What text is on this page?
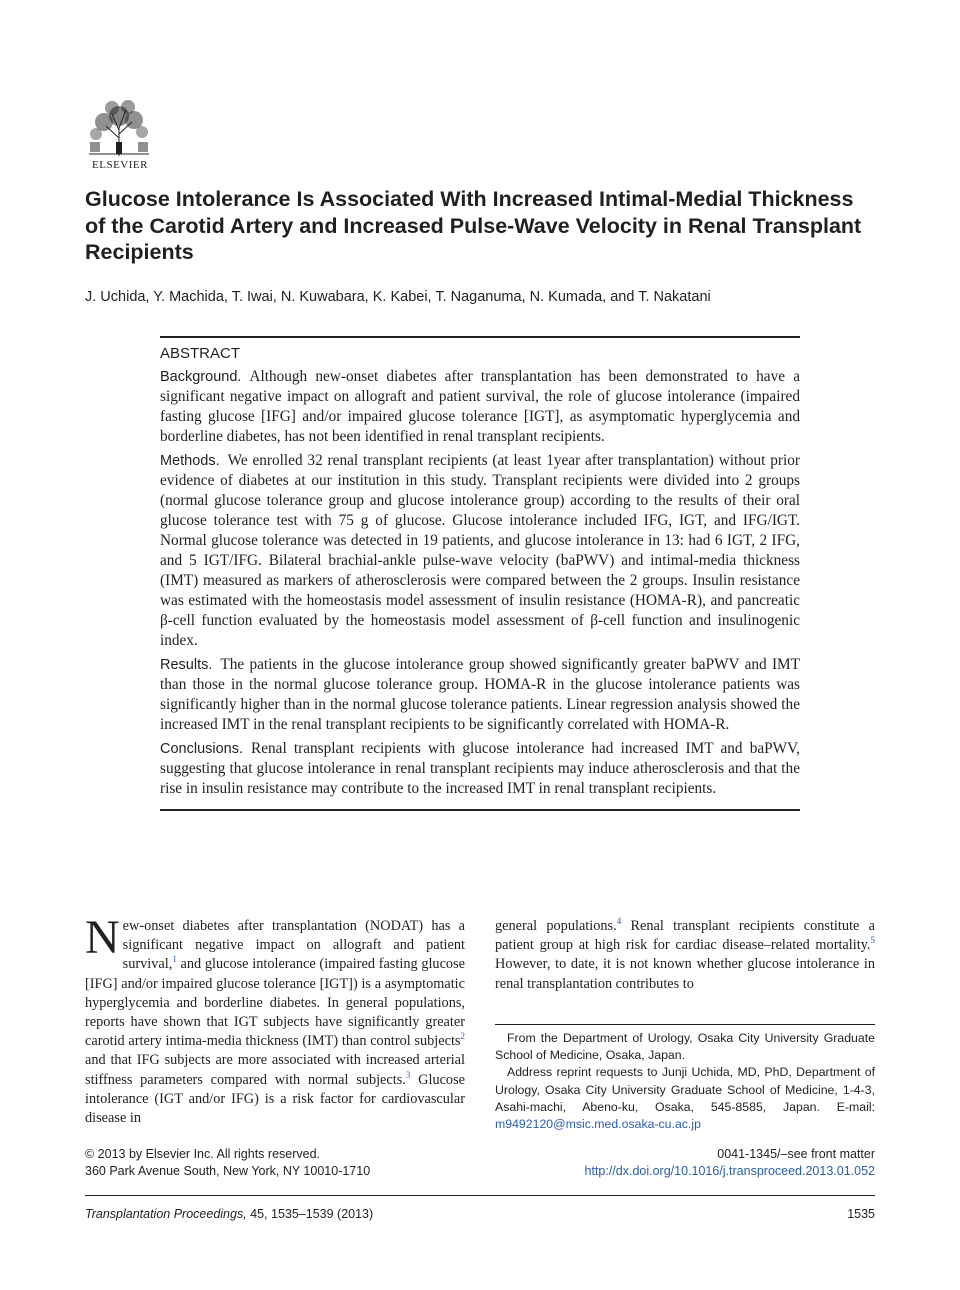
ELSEVIER
Glucose Intolerance Is Associated With Increased Intimal-Medial Thickness of the Carotid Artery and Increased Pulse-Wave Velocity in Renal Transplant Recipients
J. Uchida, Y. Machida, T. Iwai, N. Kuwabara, K. Kabei, T. Naganuma, N. Kumada, and T. Nakatani
ABSTRACT

Background. Although new-onset diabetes after transplantation has been demonstrated to have a significant negative impact on allograft and patient survival, the role of glucose intolerance (impaired fasting glucose [IFG] and/or impaired glucose tolerance [IGT], as asymptomatic hyperglycemia and borderline diabetes, has not been identified in renal transplant recipients.

Methods. We enrolled 32 renal transplant recipients (at least 1year after transplantation) without prior evidence of diabetes at our institution in this study. Transplant recipients were divided into 2 groups (normal glucose tolerance group and glucose intolerance group) according to the results of their oral glucose tolerance test with 75 g of glucose. Glucose intolerance included IFG, IGT, and IFG/IGT. Normal glucose tolerance was detected in 19 patients, and glucose intolerance in 13: had 6 IGT, 2 IFG, and 5 IGT/IFG. Bilateral brachial-ankle pulse-wave velocity (baPWV) and intimal-media thickness (IMT) measured as markers of atherosclerosis were compared between the 2 groups. Insulin resistance was estimated with the homeostasis model assessment of insulin resistance (HOMA-R), and pancreatic β-cell function evaluated by the homeostasis model assessment of β-cell function and insulinogenic index.

Results. The patients in the glucose intolerance group showed significantly greater baPWV and IMT than those in the normal glucose tolerance group. HOMA-R in the glucose intolerance patients was significantly higher than in the normal glucose tolerance patients. Linear regression analysis showed the increased IMT in the renal transplant recipients to be significantly correlated with HOMA-R.

Conclusions. Renal transplant recipients with glucose intolerance had increased IMT and baPWV, suggesting that glucose intolerance in renal transplant recipients may induce atherosclerosis and that the rise in insulin resistance may contribute to the increased IMT in renal transplant recipients.

New-onset diabetes after transplantation (NODAT) has a significant negative impact on allograft and patient survival,$^1$ and glucose intolerance (impaired fasting glucose [IFG] and/or impaired glucose tolerance [IGT]) is a asymptomatic hyperglycemia and borderline diabetes. In general populations, reports have shown that IGT subjects have significantly greater carotid artery intima-media thickness (IMT) than control subjects$^2$ and that IFG subjects are more associated with increased arterial stiffness parameters compared with normal subjects.$^3$ Glucose intolerance (IGT and/or IFG) is a risk factor for cardiovascular disease in
general populations.$^4$ Renal transplant recipients constitute a patient group at high risk for cardiac disease–related mortality.$^5$ However, to date, it is not known whether glucose intolerance in renal transplantation contributes to

From the Department of Urology, Osaka City University Graduate School of Medicine, Osaka, Japan.

Address reprint requests to Junji Uchida, MD, PhD, Department of Urology, Osaka City University Graduate School of Medicine, 1-4-3, Asahi-machi, Abeno-ku, Osaka, 545-8585, Japan. E-mail: m9492120@msic.med.osaka-cu.ac.jp

© 2013 by Elsevier Inc. All rights reserved.
360 Park Avenue South, New York, NY 10010-1710
0041-1345/–see front matter
http://dx.doi.org/10.1016/j.transproceed.2013.01.052
Transplantation Proceedings, 45, 1535–1539 (2013)	1535
